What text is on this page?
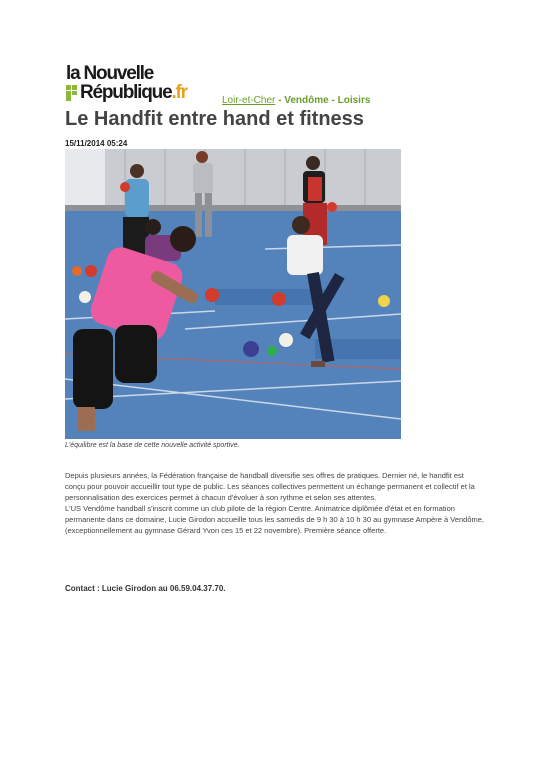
la Nouvelle
République.fr	Loir-et-Cher - Vendôme - Loisirs
Le Handfit entre hand et fitness
15/11/2014 05:24
L'équilibre est la base de cette nouvelle activité sportive.

Depuis plusieurs années, la Fédération française de handball diversifie ses offres de pratiques. Dernier né, le handfit est conçu pour pouvoir accueillir tout type de public. Les séances collectives permettent un échange permanent et collectif et la personnalisation des exercices permet à chacun d'évoluer à son rythme et selon ses attentes.

L'US Vendôme handball s'inscrit comme un club pilote de la région Centre. Animatrice diplômée d'état et en formation permanente dans ce domaine, Lucie Girodon accueille tous les samedis de 9 h 30 à 10 h 30 au gymnase Ampère à Vendôme, (exceptionnellement au gymnase Gérard Yvon ces 15 et 22 novembre). Première séance offerte.

Contact : Lucie Girodon au 06.59.04.37.70.
